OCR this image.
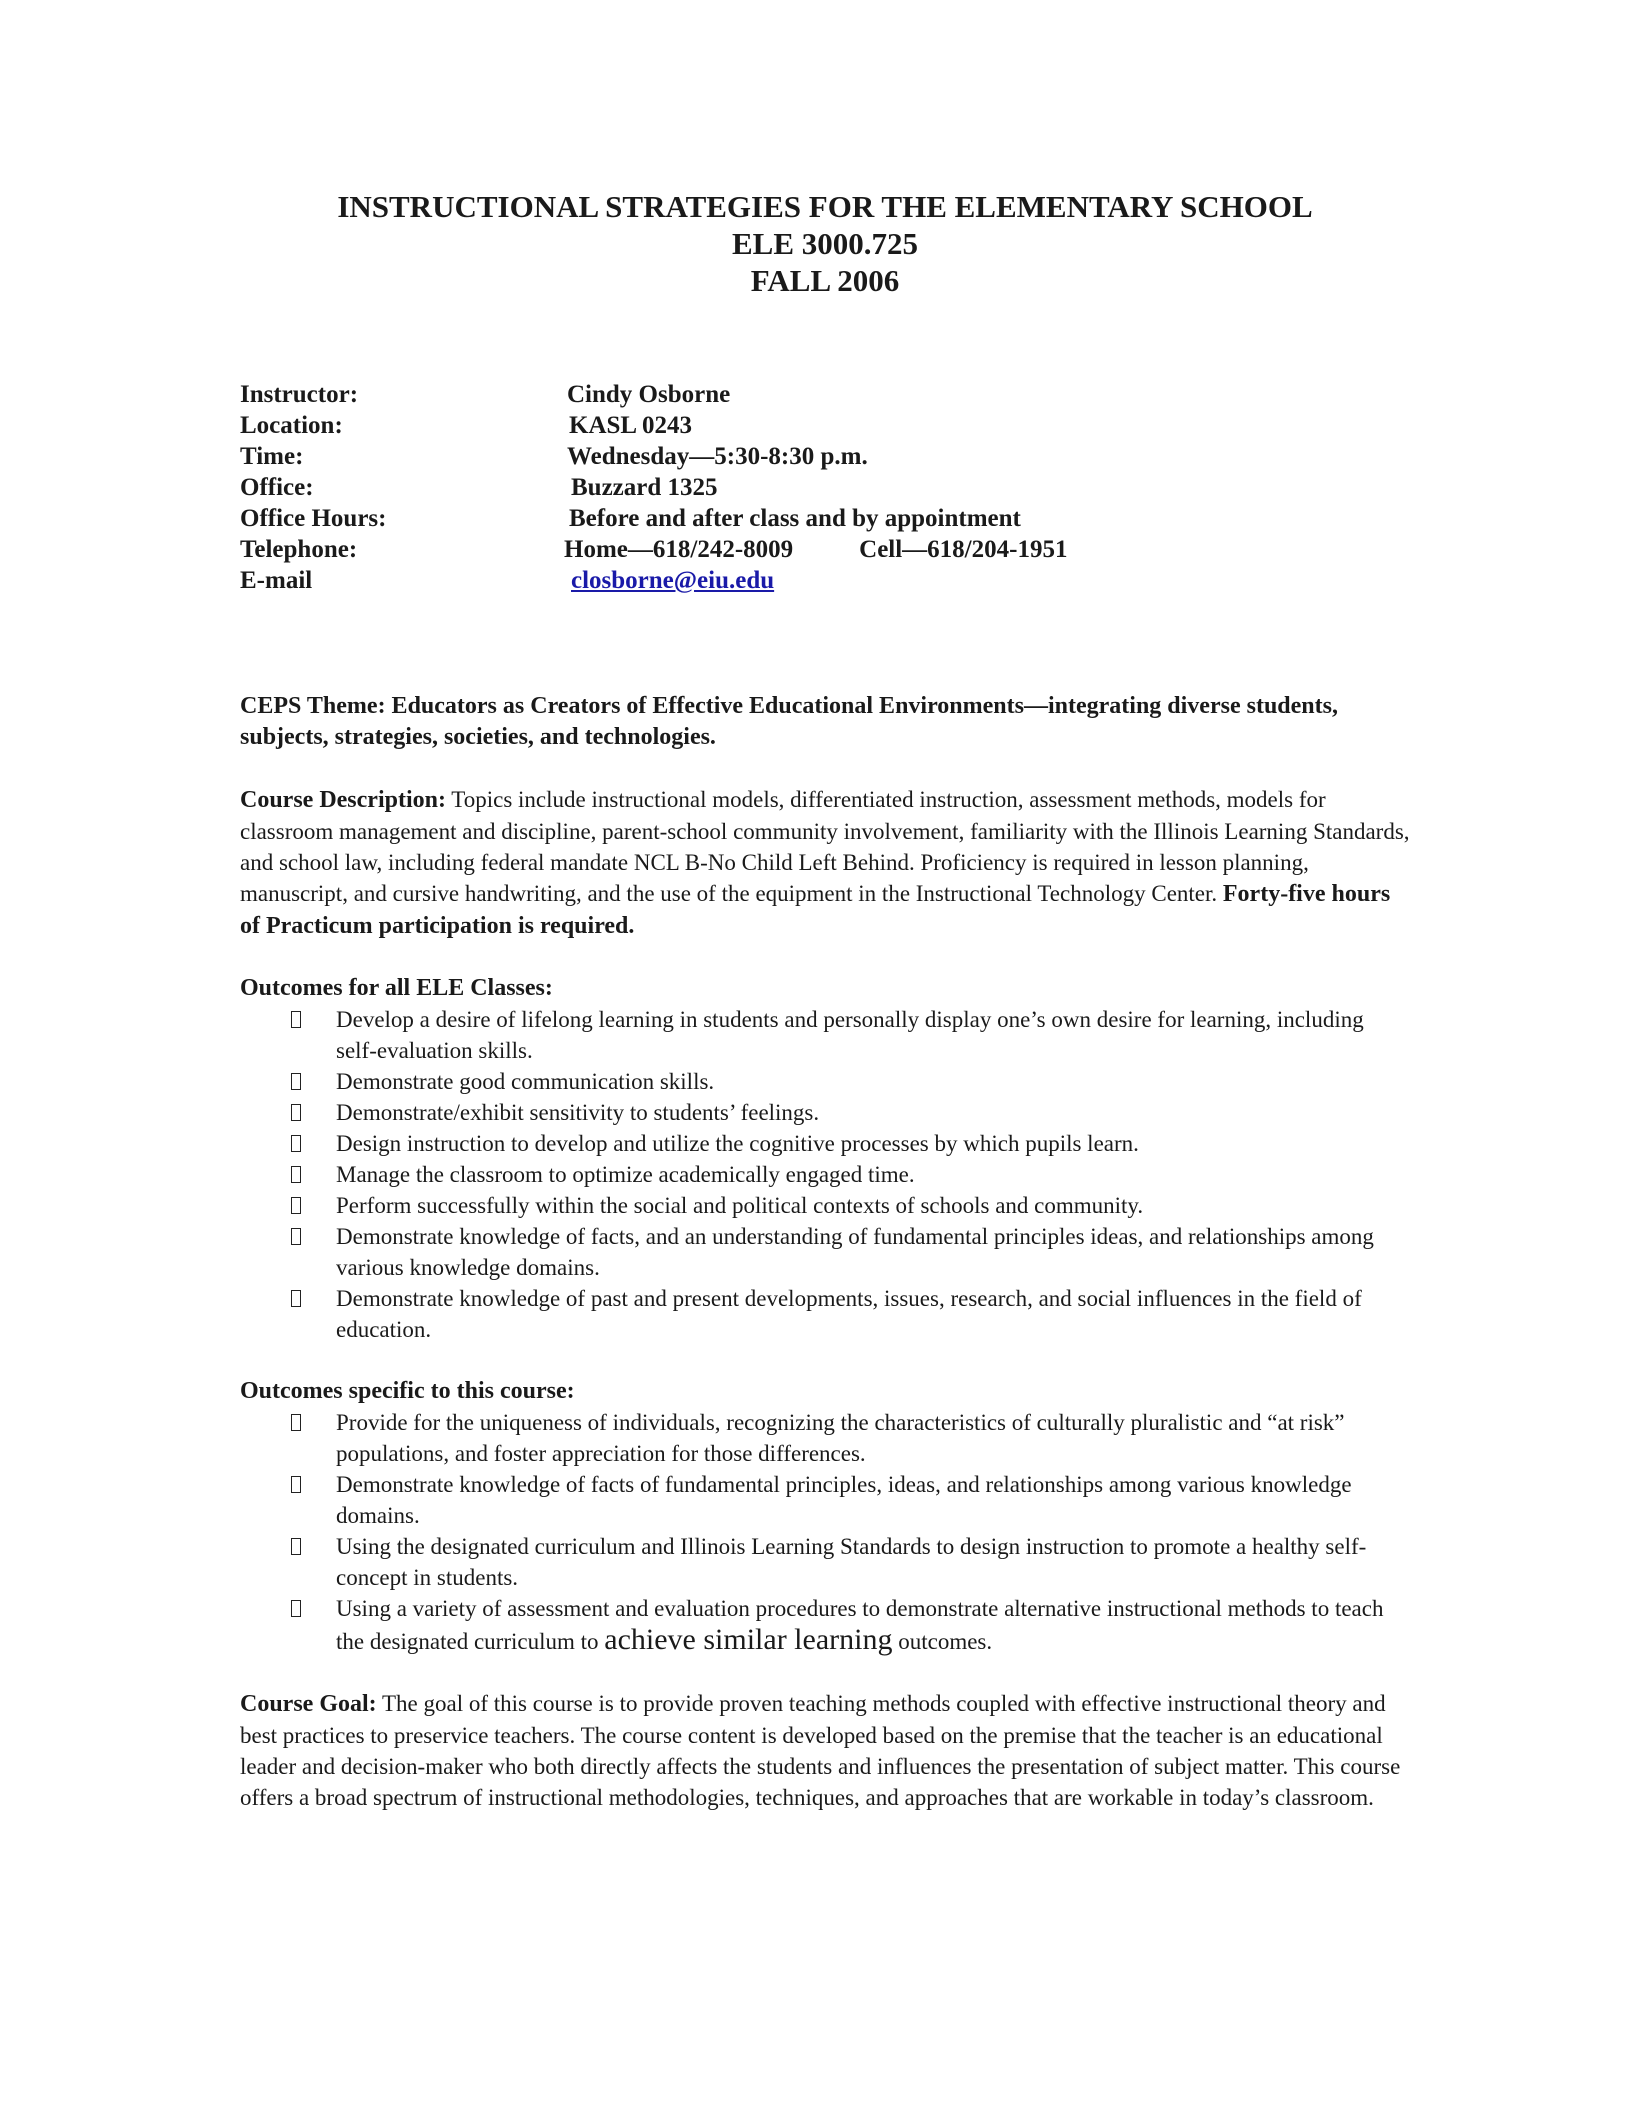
INSTRUCTIONAL STRATEGIES FOR THE ELEMENTARY SCHOOL
ELE 3000.725
FALL 2006
Instructor:	Cindy Osborne
Location:	KASL 0243
Time:	Wednesday—5:30-8:30 p.m.
Office:	Buzzard 1325
Office Hours:	Before and after class and by appointment
Telephone:	Home—618/242-8009	Cell—618/204-1951
E-mail	closborne@eiu.edu
CEPS Theme: Educators as Creators of Effective Educational Environments—integrating diverse students, subjects, strategies, societies, and technologies.
Course Description: Topics include instructional models, differentiated instruction, assessment methods, models for classroom management and discipline, parent-school community involvement, familiarity with the Illinois Learning Standards, and school law, including federal mandate NCL B-No Child Left Behind. Proficiency is required in lesson planning, manuscript, and cursive handwriting, and the use of the equipment in the Instructional Technology Center. Forty-five hours of Practicum participation is required.
Outcomes for all ELE Classes:
Develop a desire of lifelong learning in students and personally display one’s own desire for learning, including self-evaluation skills.
Demonstrate good communication skills.
Demonstrate/exhibit sensitivity to students’ feelings.
Design instruction to develop and utilize the cognitive processes by which pupils learn.
Manage the classroom to optimize academically engaged time.
Perform successfully within the social and political contexts of schools and community.
Demonstrate knowledge of facts, and an understanding of fundamental principles ideas, and relationships among various knowledge domains.
Demonstrate knowledge of past and present developments, issues, research, and social influences in the field of education.
Outcomes specific to this course:
Provide for the uniqueness of individuals, recognizing the characteristics of culturally pluralistic and “at risk” populations, and foster appreciation for those differences.
Demonstrate knowledge of facts of fundamental principles, ideas, and relationships among various knowledge domains.
Using the designated curriculum and Illinois Learning Standards to design instruction to promote a healthy self-concept in students.
Using a variety of assessment and evaluation procedures to demonstrate alternative instructional methods to teach the designated curriculum to achieve similar learning outcomes.
Course Goal: The goal of this course is to provide proven teaching methods coupled with effective instructional theory and best practices to preservice teachers. The course content is developed based on the premise that the teacher is an educational leader and decision-maker who both directly affects the students and influences the presentation of subject matter. This course offers a broad spectrum of instructional methodologies, techniques, and approaches that are workable in today’s classroom.
